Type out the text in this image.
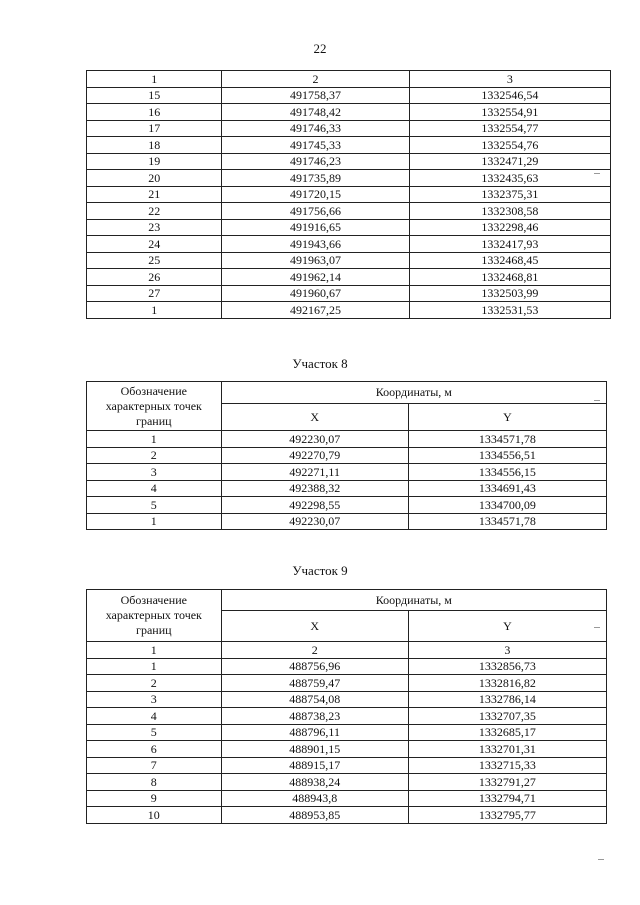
22
1	2	3
15	491758,37	1332546,54
16	491748,42	1332554,91
17	491746,33	1332554,77
18	491745,33	1332554,76
19	491746,23	1332471,29
20	491735,89	1332435,63
21	491720,15	1332375,31
22	491756,66	1332308,58
23	491916,65	1332298,46
24	491943,66	1332417,93
25	491963,07	1332468,45
26	491962,14	1332468,81
27	491960,67	1332503,99
1	492167,25	1332531,53
Участок 8
Обозначение характерных точек границ	Координаты, м	
	X	Y
1	492230,07	1334571,78
2	492270,79	1334556,51
3	492271,11	1334556,15
4	492388,32	1334691,43
5	492298,55	1334700,09
1	492230,07	1334571,78
Участок 9
Обозначение характерных точек границ	Координаты, м	
	X	Y
1	2	3
1	488756,96	1332856,73
2	488759,47	1332816,82
3	488754,08	1332786,14
4	488738,23	1332707,35
5	488796,11	1332685,17
6	488901,15	1332701,31
7	488915,17	1332715,33
8	488938,24	1332791,27
9	488943,8	1332794,71
10	488953,85	1332795,77
